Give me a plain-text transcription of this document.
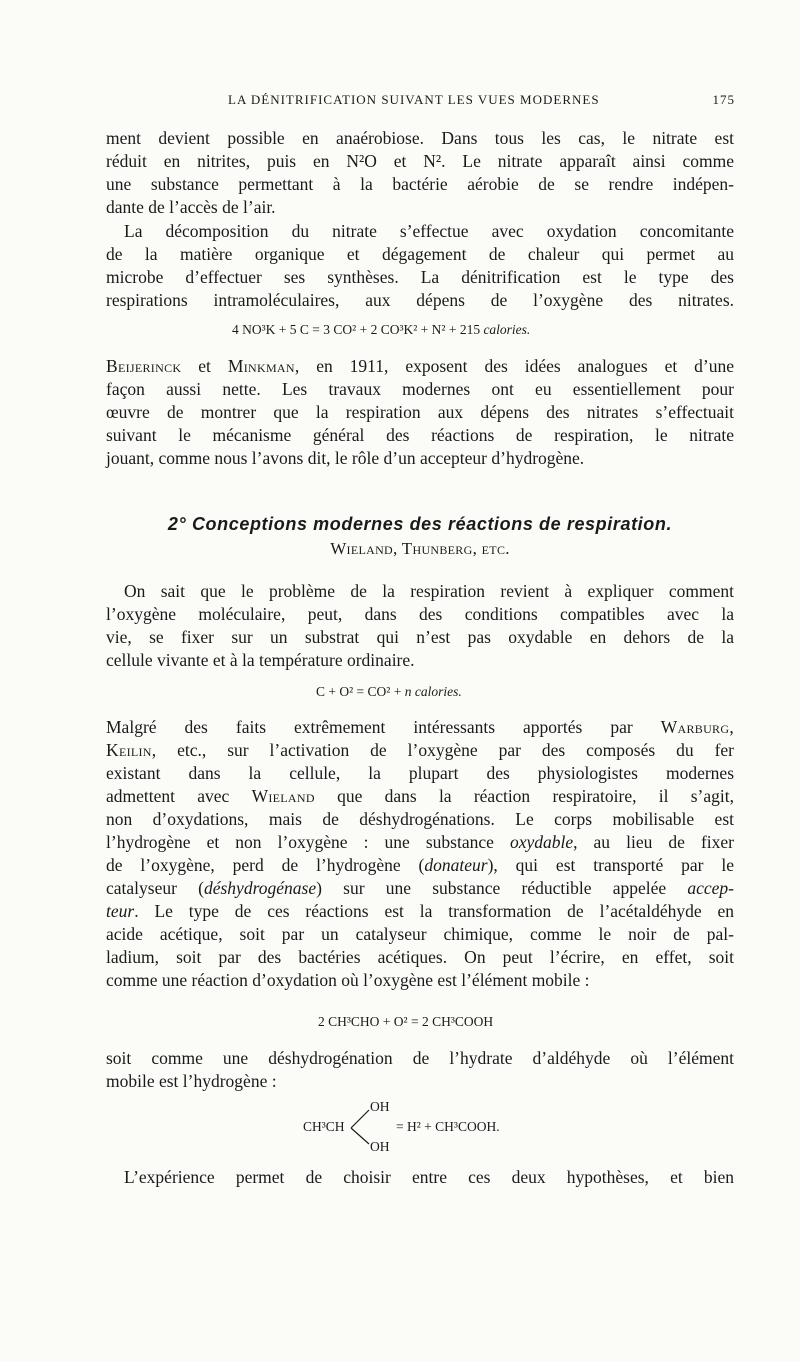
LA DÉNITRIFICATION SUIVANT LES VUES MODERNES	175
ment devient possible en anaérobiose. Dans tous les cas, le nitrate est
réduit en nitrites, puis en N²O et N². Le nitrate apparaît ainsi comme
une substance permettant à la bactérie aérobie de se rendre indépen-
dante de l’accès de l’air.
La décomposition du nitrate s’effectue avec oxydation concomitante
de la matière organique et dégagement de chaleur qui permet au
microbe d’effectuer ses synthèses. La dénitrification est le type des
respirations intramoléculaires, aux dépens de l’oxygène des nitrates.
4 NO³K + 5 C = 3 CO² + 2 CO³K² + N² + 215 calories.
Beijerinck et Minkman, en 1911, exposent des idées analogues et d’une
façon aussi nette. Les travaux modernes ont eu essentiellement pour
œuvre de montrer que la respiration aux dépens des nitrates s’effectuait
suivant le mécanisme général des réactions de respiration, le nitrate
jouant, comme nous l’avons dit, le rôle d’un accepteur d’hydrogène.
2° Conceptions modernes des réactions de respiration.
Wieland, Thunberg, etc.
On sait que le problème de la respiration revient à expliquer comment
l’oxygène moléculaire, peut, dans des conditions compatibles avec la
vie, se fixer sur un substrat qui n’est pas oxydable en dehors de la
cellule vivante et à la température ordinaire.
C + O² = CO² + n calories.
Malgré des faits extrêmement intéressants apportés par Warburg,
Keilin, etc., sur l’activation de l’oxygène par des composés du fer
existant dans la cellule, la plupart des physiologistes modernes
admettent avec Wieland que dans la réaction respiratoire, il s’agit,
non d’oxydations, mais de déshydrogénations. Le corps mobilisable est
l’hydrogène et non l’oxygène : une substance oxydable, au lieu de fixer
de l’oxygène, perd de l’hydrogène (donateur), qui est transporté par le
catalyseur (déshydrogénase) sur une substance réductible appelée accep-
teur. Le type de ces réactions est la transformation de l’acétaldéhyde en
acide acétique, soit par un catalyseur chimique, comme le noir de pal-
ladium, soit par des bactéries acétiques. On peut l’écrire, en effet, soit
comme une réaction d’oxydation où l’oxygène est l’élément mobile :
2 CH³CHO + O² = 2 CH³COOH
soit comme une déshydrogénation de l’hydrate d’aldéhyde où l’élément
mobile est l’hydrogène :
CH³CH
OH
OH
= H² + CH³COOH.
L’expérience permet de choisir entre ces deux hypothèses, et bien
